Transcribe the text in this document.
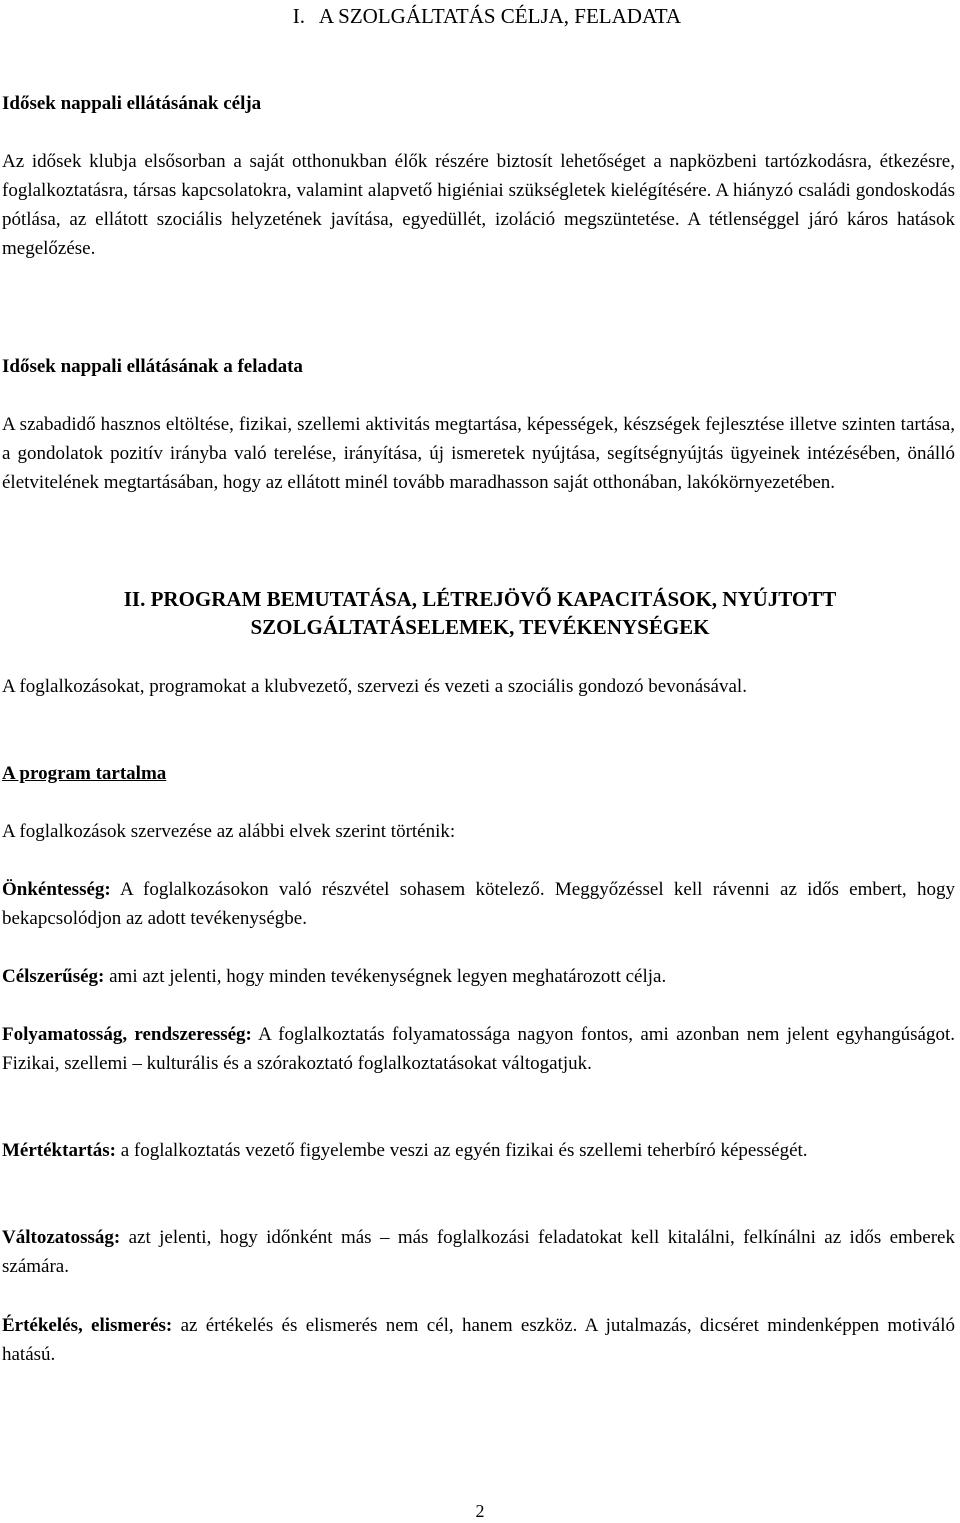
I. A SZOLGÁLTATÁS CÉLJA, FELADATA
Idősek nappali ellátásának célja

Az idősek klubja elsősorban a saját otthonukban élők részére biztosít lehetőséget a napközbeni tartózkodásra, étkezésre, foglalkoztatásra, társas kapcsolatokra, valamint alapvető higiéniai szükségletek kielégítésére. A hiányzó családi gondoskodás pótlása, az ellátott szociális helyzetének javítása, egyedüllét, izoláció megszüntetése. A tétlenséggel járó káros hatások megelőzése.

Idősek nappali ellátásának a feladata

A szabadidő hasznos eltöltése, fizikai, szellemi aktivitás megtartása, képességek, készségek fejlesztése illetve szinten tartása, a gondolatok pozitív irányba való terelése, irányítása, új ismeretek nyújtása, segítségnyújtás ügyeinek intézésében, önálló életvitelének megtartásában, hogy az ellátott minél tovább maradhasson saját otthonában, lakókörnyezetében.

II. PROGRAM BEMUTATÁSA, LÉTREJÖVŐ KAPACITÁSOK, NYÚJTOTT
SZOLGÁLTATÁSELEMEK, TEVÉKENYSÉGEK

A foglalkozásokat, programokat a klubvezető, szervezi és vezeti a szociális gondozó bevonásával.

A program tartalma

A foglalkozások szervezése az alábbi elvek szerint történik:

Önkéntesség: A foglalkozásokon való részvétel sohasem kötelező. Meggyőzéssel kell rávenni az idős embert, hogy bekapcsolódjon az adott tevékenységbe.

Célszerűség: ami azt jelenti, hogy minden tevékenységnek legyen meghatározott célja.

Folyamatosság, rendszeresség: A foglalkoztatás folyamatossága nagyon fontos, ami azonban nem jelent egyhangúságot. Fizikai, szellemi – kulturális és a szórakoztató foglalkoztatásokat váltogatjuk.

Mértéktartás: a foglalkoztatás vezető figyelembe veszi az egyén fizikai és szellemi teherbíró képességét.

Változatosság: azt jelenti, hogy időnként más – más foglalkozási feladatokat kell kitalálni, felkínálni az idős emberek számára.

Értékelés, elismerés: az értékelés és elismerés nem cél, hanem eszköz. A jutalmazás, dicséret mindenképpen motiváló hatású.

2
